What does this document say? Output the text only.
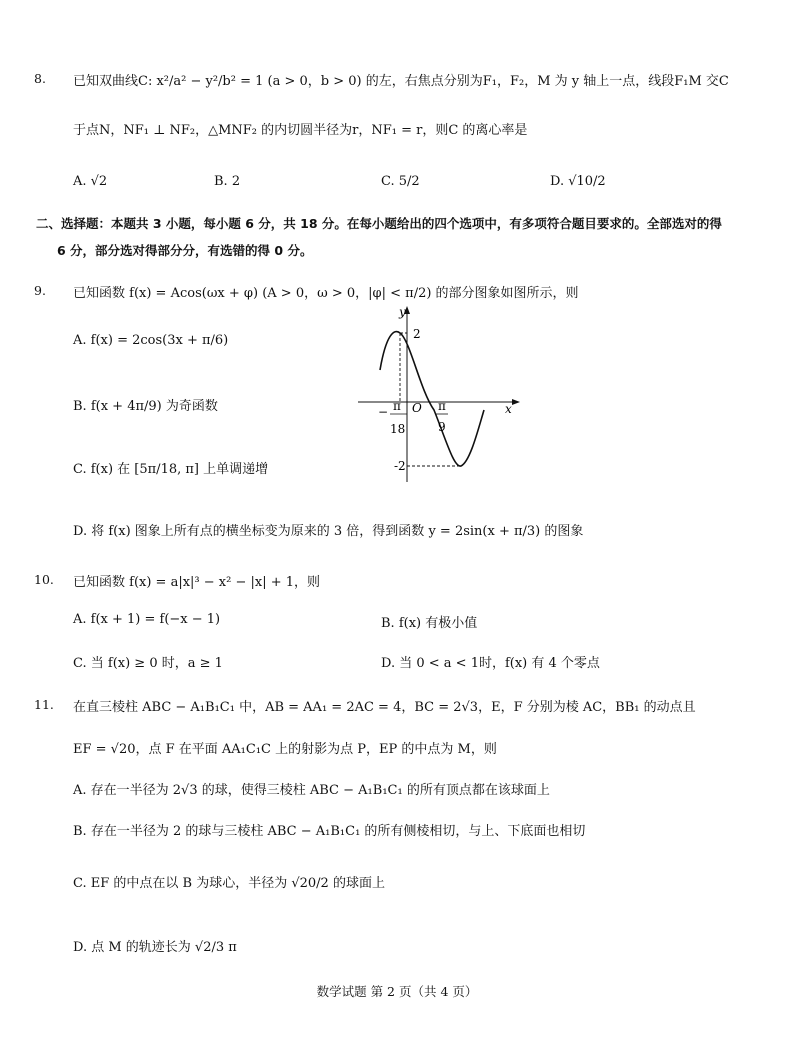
8. 已知双曲线C: x²/a² − y²/b² = 1 (a > 0，b > 0) 的左，右焦点分别为F₁，F₂，M 为 y 轴上一点，线段F₁M 交C
于点N，NF₁ ⊥ NF₂，△MNF₂ 的内切圆半径为r，NF₁ = r，则C 的离心率是
A. √2	B. 2	C. 5/2	D. √10/2
二、选择题：本题共 3 小题，每小题 6 分，共 18 分。在每小题给出的四个选项中，有多项符合题目要求的。全部选对的得
6 分，部分选对得部分分，有选错的得 0 分。
9. 已知函数 f(x) = Acos(ωx + φ) (A > 0，ω > 0，|φ| < π/2) 的部分图象如图所示，则
A. f(x) = 2cos(3x + π/6)
B. f(x + 4π/9) 为奇函数
C. f(x) 在 [5π/18, π] 上单调递增
D. 将 f(x) 图象上所有点的横坐标变为原来的 3 倍，得到函数 y = 2sin(x + π/3) 的图象
y
x
O
2
-2
− π
18
π
9
10. 已知函数 f(x) = a|x|³ − x² − |x| + 1，则
A. f(x + 1) = f(−x − 1)	B. f(x) 有极小值
C. 当 f(x) ≥ 0 时，a ≥ 1	D. 当 0 < a < 1时，f(x) 有 4 个零点
11. 在直三棱柱 ABC − A₁B₁C₁ 中，AB = AA₁ = 2AC = 4，BC = 2√3，E，F 分别为棱 AC，BB₁ 的动点且
EF = √20，点 F 在平面 AA₁C₁C 上的射影为点 P，EP 的中点为 M，则
A. 存在一半径为 2√3 的球，使得三棱柱 ABC − A₁B₁C₁ 的所有顶点都在该球面上
B. 存在一半径为 2 的球与三棱柱 ABC − A₁B₁C₁ 的所有侧棱相切，与上、下底面也相切
C. EF 的中点在以 B 为球心，半径为 √20/2 的球面上
D. 点 M 的轨迹长为 √2/3 π
数学试题 第 2 页（共 4 页）
